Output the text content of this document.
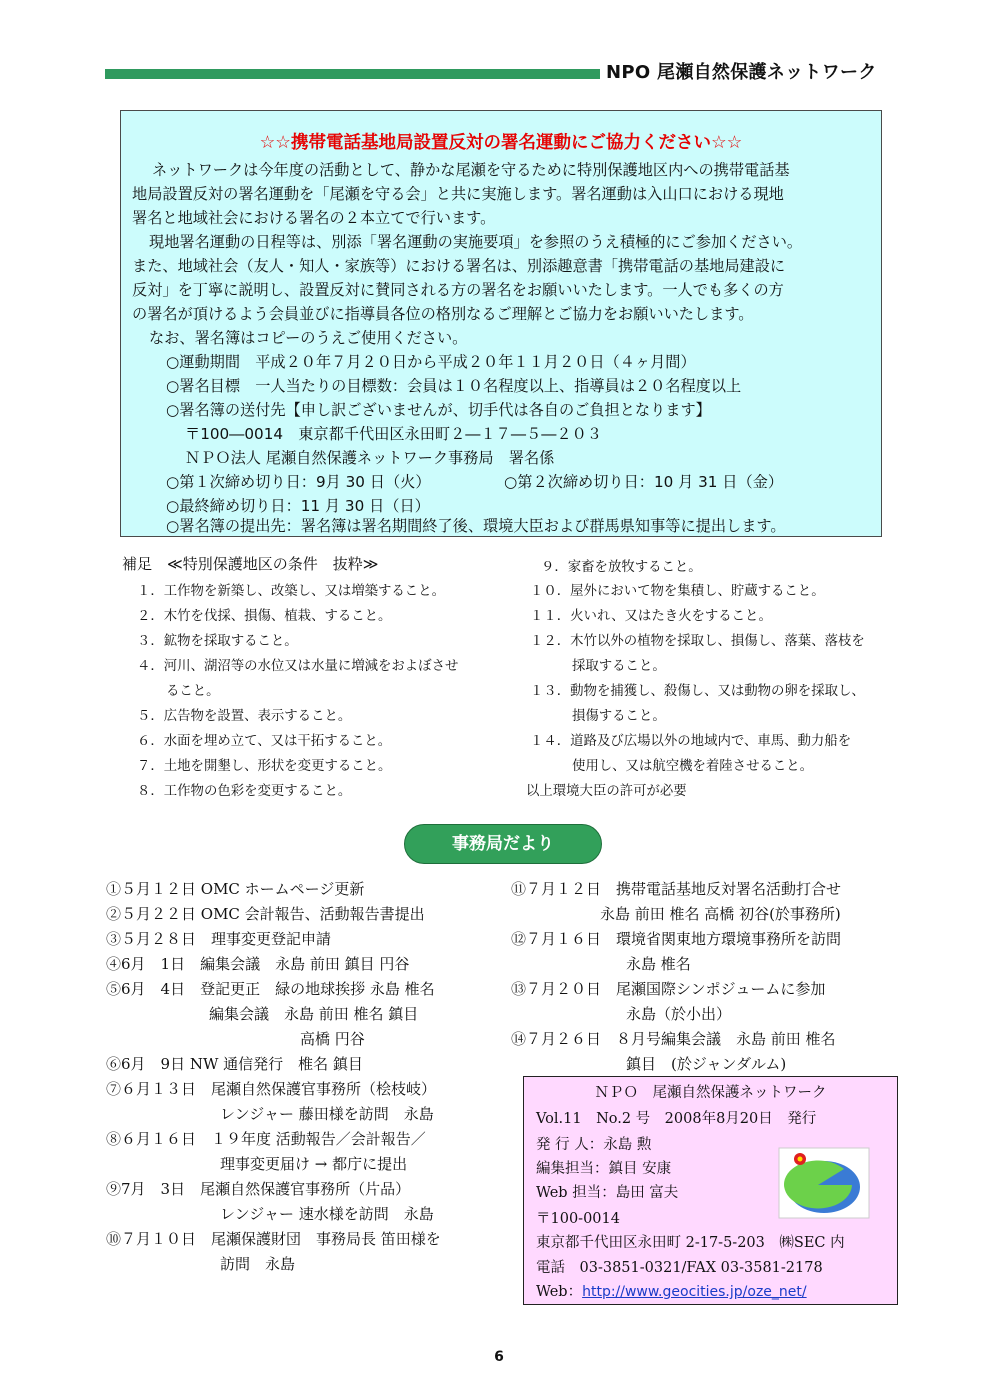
NPO 尾瀬自然保護ネットワーク
☆☆携帯電話基地局設置反対の署名運動にご協力ください☆☆
ネットワークは今年度の活動として、静かな尾瀬を守るために特別保護地区内への携帯電話基
地局設置反対の署名運動を「尾瀬を守る会」と共に実施します。署名運動は入山口における現地
署名と地域社会における署名の２本立てで行います。
現地署名運動の日程等は、別添「署名運動の実施要項」を参照のうえ積極的にご参加ください。
また、地域社会（友人・知人・家族等）における署名は、別添趣意書「携帯電話の基地局建設に
反対」を丁寧に説明し、設置反対に賛同される方の署名をお願いいたします。一人でも多くの方
の署名が頂けるよう会員並びに指導員各位の格別なるご理解とご協力をお願いいたします。
なお、署名簿はコピーのうえご使用ください。
○運動期間　平成２０年７月２０日から平成２０年１１月２０日（４ヶ月間）
○署名目標　一人当たりの目標数：会員は１０名程度以上、指導員は２０名程度以上
○署名簿の送付先【申し訳ございませんが、切手代は各自のご負担となります】
〒100―0014　東京都千代田区永田町２―１７―５―２０３
ＮＰＯ法人 尾瀬自然保護ネットワーク事務局　署名係
○第１次締め切り日：9月 30 日（火）	○第２次締め切り日：10 月 31 日（金）
○最終締め切り日：11 月 30 日（日）
○署名簿の提出先：署名簿は署名期間終了後、環境大臣および群馬県知事等に提出します。
補足　≪特別保護地区の条件　抜粋≫
１．工作物を新築し、改築し、又は増築すること。
２．木竹を伐採、損傷、植栽、すること。
３．鉱物を採取すること。
４．河川、湖沼等の水位又は水量に増減をおよぼさせ
ること。
５．広告物を設置、表示すること。
６．水面を埋め立て、又は干拓すること。
７．土地を開墾し、形状を変更すること。
８．工作物の色彩を変更すること。
９．家畜を放牧すること。
１０．屋外において物を集積し、貯蔵すること。
１１．火いれ、又はたき火をすること。
１２．木竹以外の植物を採取し、損傷し、落葉、落枝を
採取すること。
１３．動物を捕獲し、殺傷し、又は動物の卵を採取し、
損傷すること。
１４．道路及び広場以外の地域内で、車馬、動力船を
使用し、又は航空機を着陸させること。
以上環境大臣の許可が必要
事務局だより
①５月１２日 OMC ホームページ更新
②５月２２日 OMC 会計報告、活動報告書提出
③５月２８日　理事変更登記申請
④6月　1日　編集会議　永島 前田 鎮目 円谷
⑤6月　4日　登記更正　緑の地球挨拶 永島 椎名
編集会議　永島 前田 椎名 鎮目
高橋 円谷
⑥6月　9日 NW 通信発行　椎名 鎮目
⑦６月１３日　尾瀬自然保護官事務所（桧枝岐）
レンジャー 藤田様を訪問　永島
⑧６月１６日　１９年度 活動報告／会計報告／
理事変更届け → 都庁に提出
⑨7月　3日　尾瀬自然保護官事務所（片品）
レンジャー 速水様を訪問　永島
⑩７月１０日　尾瀬保護財団　事務局長 笛田様を
訪問　永島
⑪７月１２日　携帯電話基地反対署名活動打合せ
永島 前田 椎名 高橋 初谷(於事務所)
⑫７月１６日　環境省関東地方環境事務所を訪問
永島 椎名
⑬７月２０日　尾瀬国際シンポジュームに参加
永島（於小出）
⑭７月２６日　８月号編集会議　永島 前田 椎名
鎮目　(於ジャンダルム)
ＮＰＯ　尾瀬自然保護ネットワーク
Vol.11　No.2 号　2008年8月20日　発行
発 行 人：永島 勲
編集担当：鎮目 安康
Web 担当：島田 富夫
〒100-0014
東京都千代田区永田町 2-17-5-203　㈱SEC 内
電話　03-3851-0321/FAX 03-3581-2178
Web：http://www.geocities.jp/oze_net/
6
